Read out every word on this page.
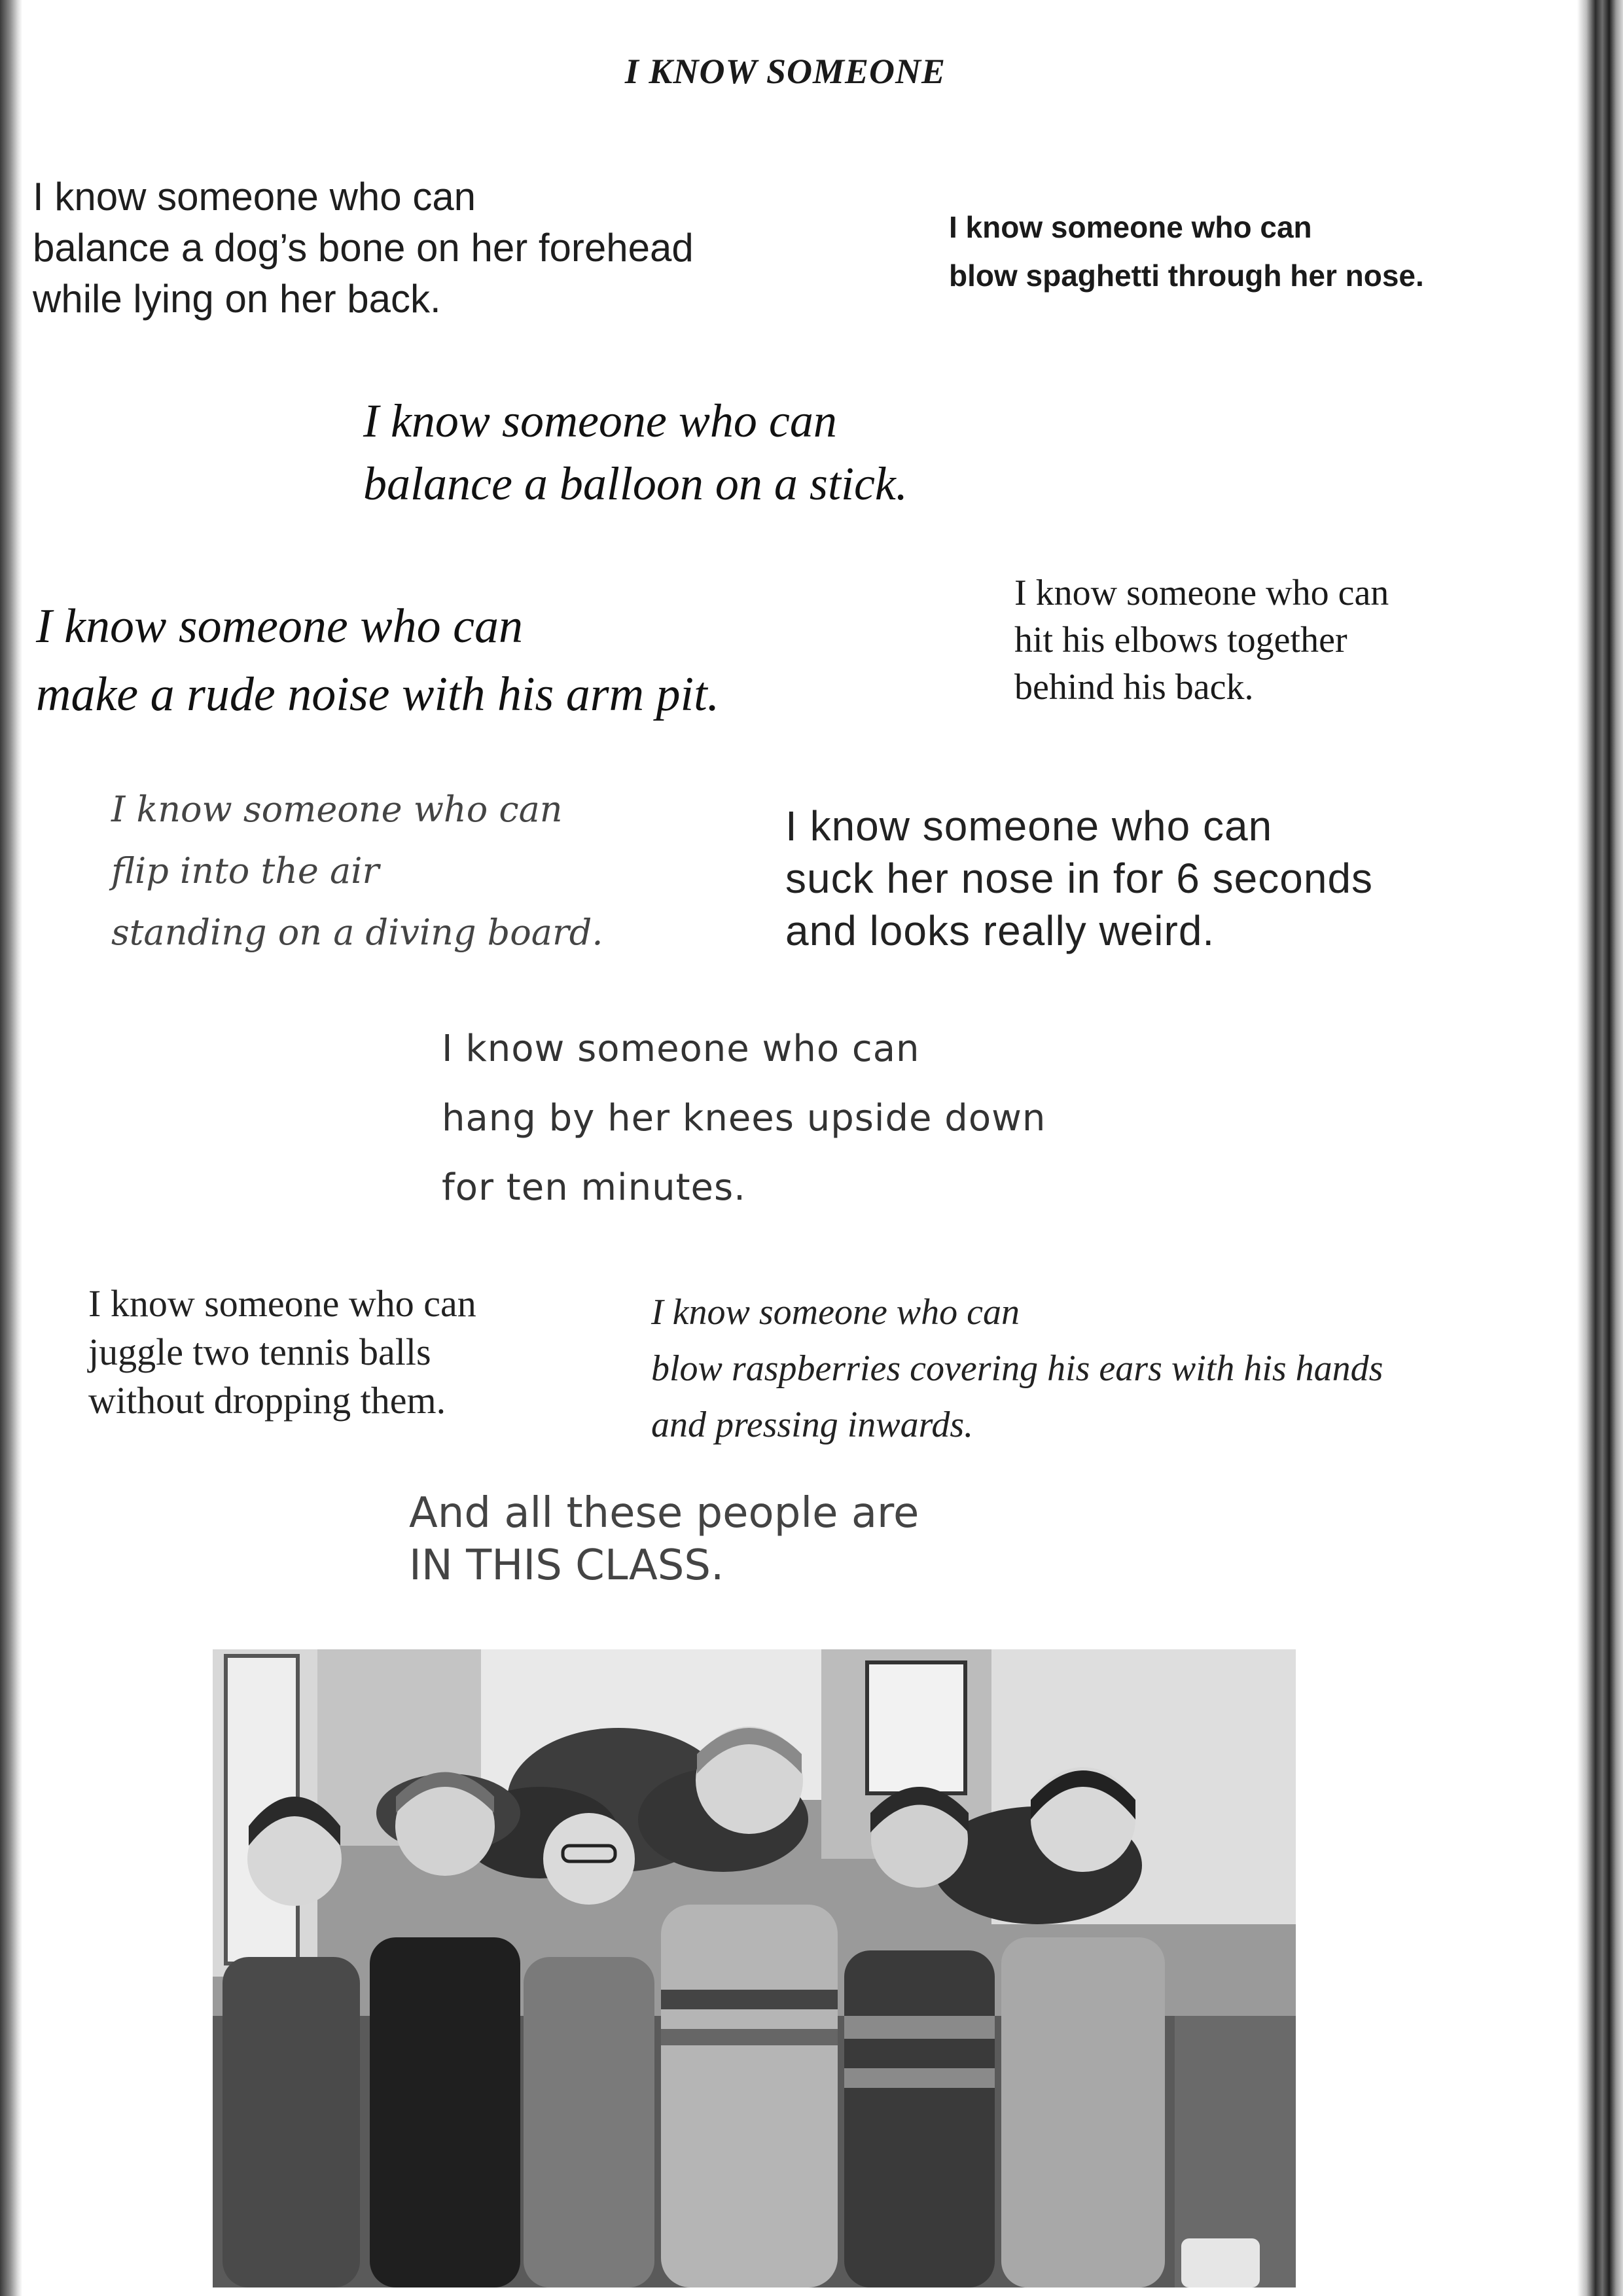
I KNOW SOMEONE

I know someone who can

balance a dog’s bone on her forehead

while lying on her back.

I know someone who can

blow spaghetti through her nose.

I know someone who can

balance a balloon on a stick.

I know someone who can

make a rude noise with his arm pit.

I know someone who can

hit his elbows together

behind his back.

I know someone who can

flip into the air

standing on a diving board.

I know someone who can

suck her nose in for 6 seconds

and looks really weird.

I know someone who can

hang by her knees upside down

for ten minutes.

I know someone who can

juggle two tennis balls

without dropping them.

I know someone who can

blow raspberries covering his ears with his hands

and pressing inwards.

And all these people are

IN THIS CLASS.
